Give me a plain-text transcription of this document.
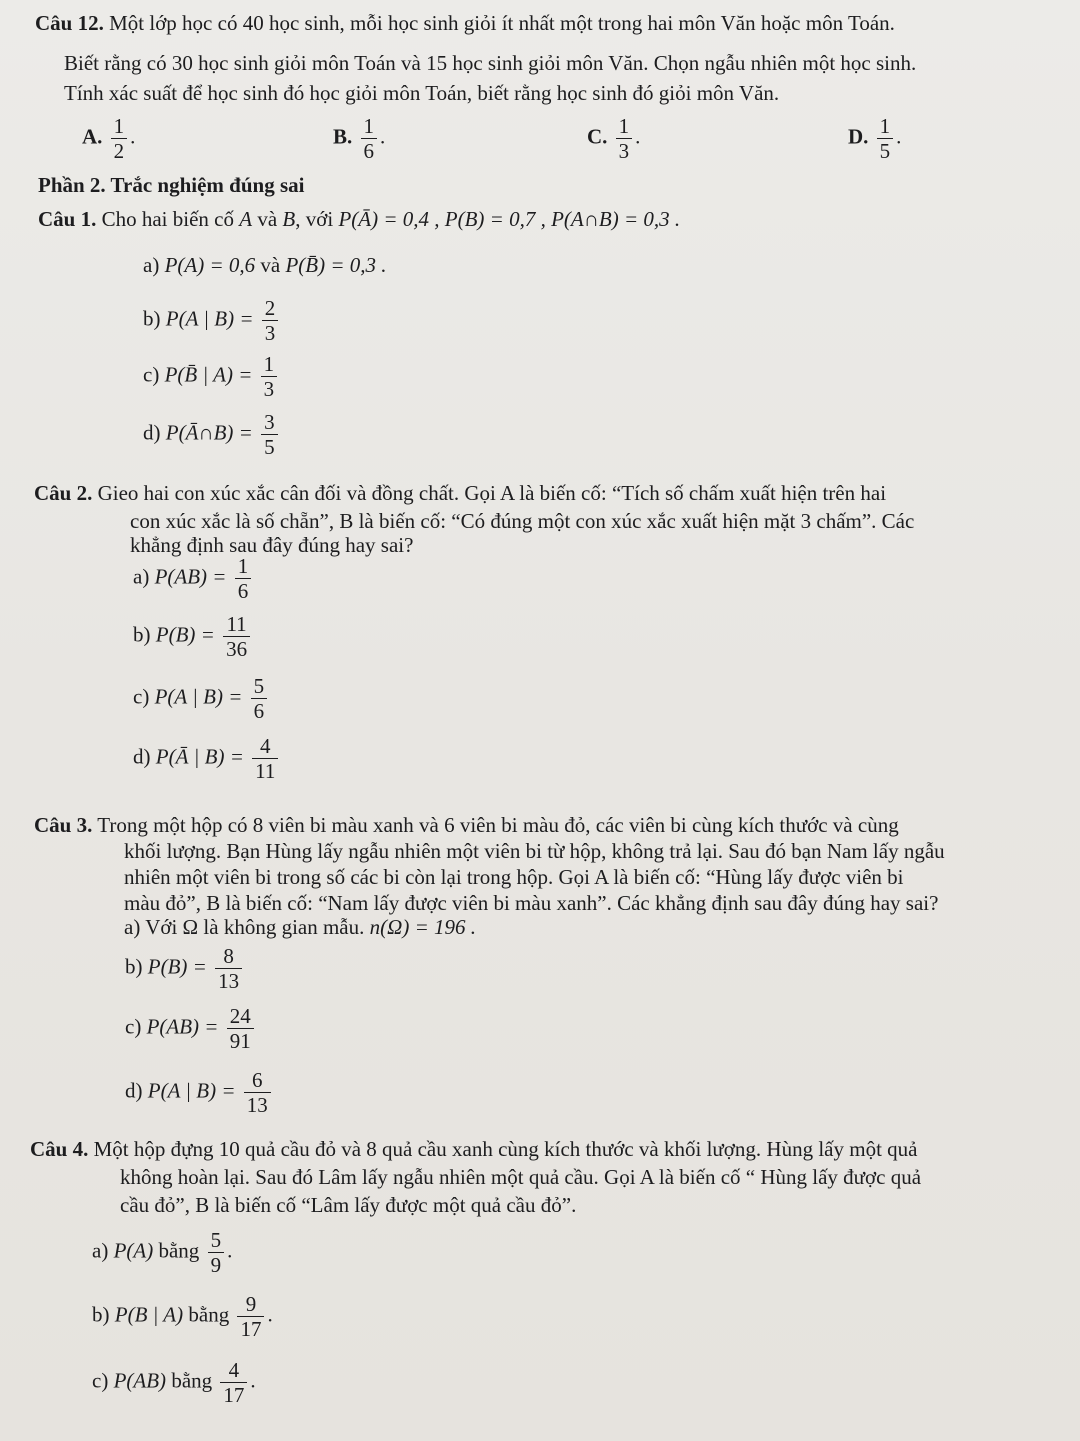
Câu 12. Một lớp học có 40 học sinh, mỗi học sinh giỏi ít nhất một trong hai môn Văn hoặc môn Toán.
Biết rằng có 30 học sinh giỏi môn Toán và 15 học sinh giỏi môn Văn. Chọn ngẫu nhiên một học sinh.
Tính xác suất để học sinh đó học giỏi môn Toán, biết rằng học sinh đó giỏi môn Văn.
A. $\frac{1}{2}$ .	B. $\frac{1}{6}$ .	C. $\frac{1}{3}$ .	D. $\frac{1}{5}$ .
Phần 2. Trắc nghiệm đúng sai
Câu 1. Cho hai biến cố A và B, với P(Ā) = 0,4 , P(B) = 0,7 , P(A∩B) = 0,3 .
a) P(A) = 0,6 và P(B̄) = 0,3 .
b) P(A | $B) = \frac{2}{3}$
c) P(B̄ | $A) = \frac{1}{3}$
d) P(Ā∩B) = $\frac{3}{5}$
Câu 2. Gieo hai con xúc xắc cân đối và đồng chất. Gọi A là biến cố: “Tích số chấm xuất hiện trên hai
con xúc xắc là số chẵn”, B là biến cố: “Có đúng một con xúc xắc xuất hiện mặt 3 chấm”. Các
khẳng định sau đây đúng hay sai?
a) $P(AB) = \frac{1}{6}$
b) $P(B) = \frac{11}{36}$
c) P(A | $B) = \frac{5}{6}$
d) P(Ā | $B) = \frac{4}{11}$
Câu 3. Trong một hộp có 8 viên bi màu xanh và 6 viên bi màu đỏ, các viên bi cùng kích thước và cùng
khối lượng. Bạn Hùng lấy ngẫu nhiên một viên bi từ hộp, không trả lại. Sau đó bạn Nam lấy ngẫu
nhiên một viên bi trong số các bi còn lại trong hộp. Gọi A là biến cố: “Hùng lấy được viên bi
màu đỏ”, B là biến cố: “Nam lấy được viên bi màu xanh”. Các khẳng định sau đây đúng hay sai?
a) Với Ω là không gian mẫu. n(Ω) = 196 .
b) $P(B) = \frac{8}{13}$
c) $P(AB) = \frac{24}{91}$
d) P(A | $B) = \frac{6}{13}$
Câu 4. Một hộp đựng 10 quả cầu đỏ và 8 quả cầu xanh cùng kích thước và khối lượng. Hùng lấy một quả
không hoàn lại. Sau đó Lâm lấy ngẫu nhiên một quả cầu. Gọi A là biến cố “ Hùng lấy được quả
cầu đỏ”, B là biến cố “Lâm lấy được một quả cầu đỏ”.
a) P(A) bằng $\frac{5}{9}$ .
b) P(B | A) bằng $\frac{9}{17}$ .
c) P(AB) bằng $\frac{4}{17}$ .
